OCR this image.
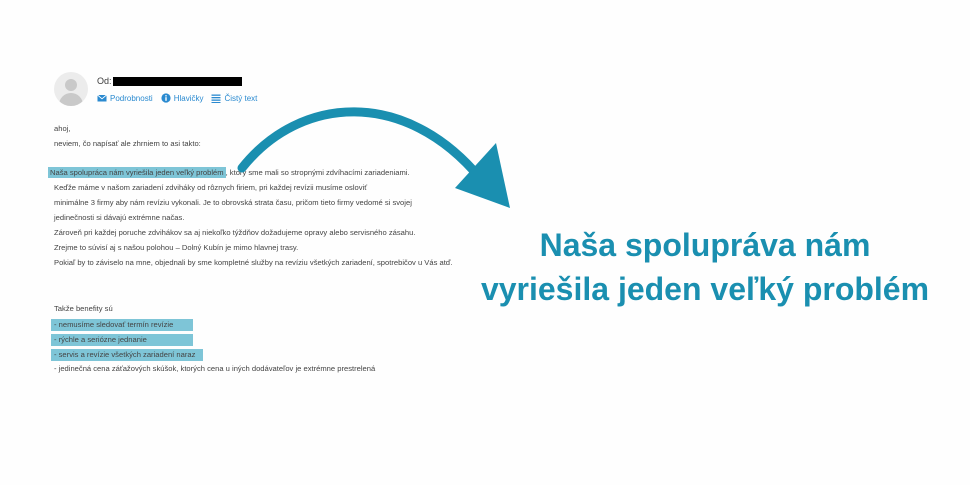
Od:
Podrobnosti	Hlavičky	Čistý text
ahoj,
neviem, čo napísať ale zhrniem to asi takto:
Naša spolupráca nám vyriešila jeden veľký problém , ktorý sme mali so stropnými zdvíhacími zariadeniami.
Keďže máme v našom zariadení zdviháky od rôznych firiem, pri každej revízii musíme osloviť
minimálne 3 firmy aby nám revíziu vykonali. Je to obrovská strata času, pričom tieto firmy vedomé si svojej
jedinečnosti si dávajú extrémne načas.
Zároveň pri každej poruche zdvihákov sa aj niekoľko týždňov dožadujeme opravy alebo servisného zásahu.
Zrejme to súvisí aj s našou polohou – Dolný Kubín je mimo hlavnej trasy.
Pokiaľ by to záviselo na mne, objednali by sme kompletné služby na revíziu všetkých zariadení, spotrebičov u Vás atď.
Takže benefity sú
- nemusíme sledovať termín revízie
- rýchle a seriózne jednanie
- servis a revízie všetkých zariadení naraz
- jedinečná cena záťažových skúšok, ktorých cena u iných dodávateľov je extrémne prestrelená
Naša spolupráva nám
vyriešila jeden veľký problém
